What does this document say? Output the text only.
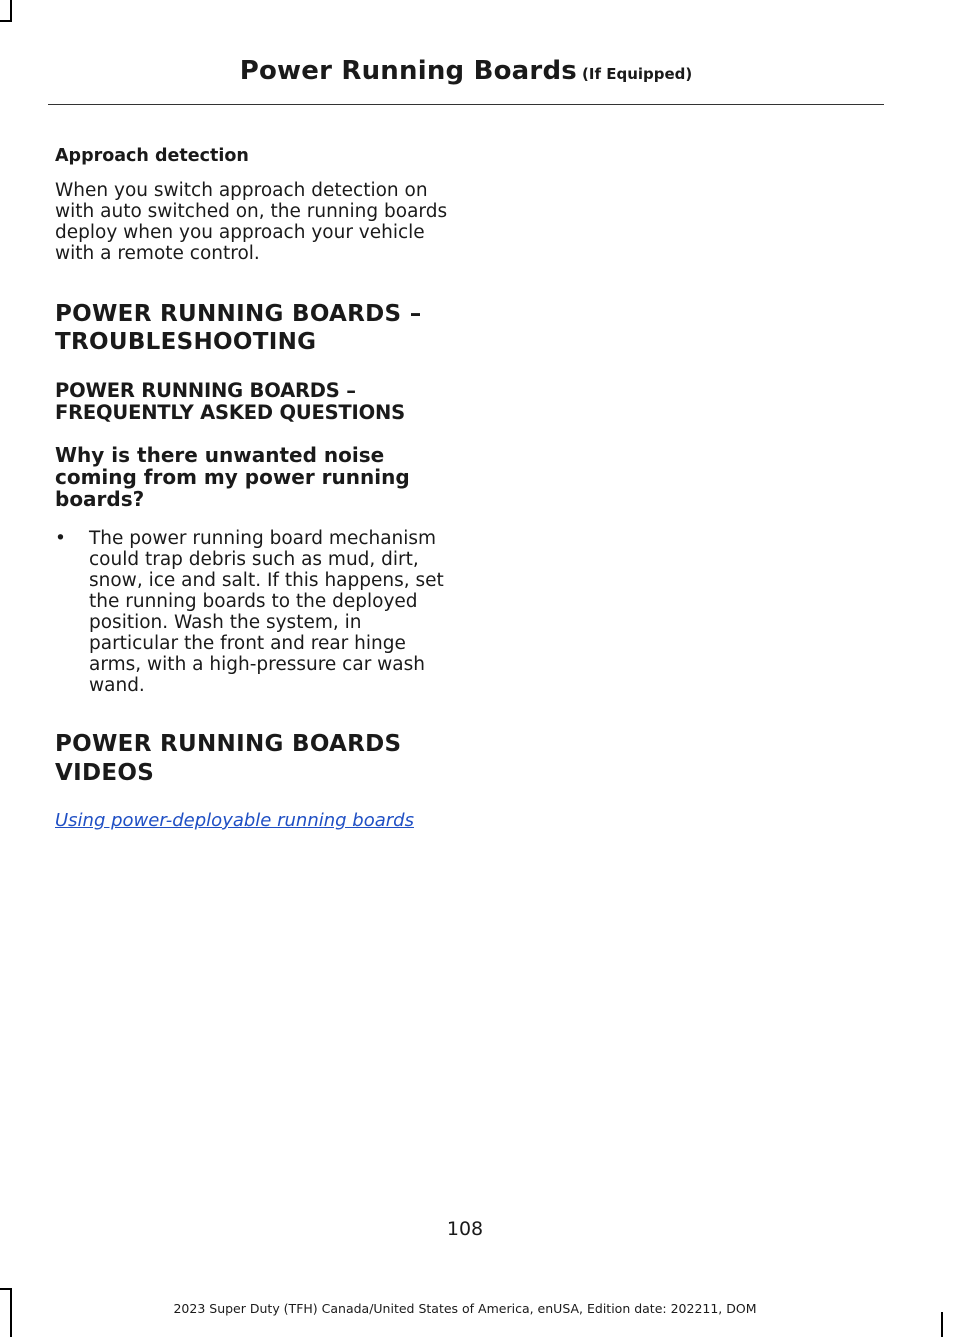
Power Running Boards (If Equipped)
Approach detection
When you switch approach detection on with auto switched on, the running boards deploy when you approach your vehicle with a remote control.
POWER RUNNING BOARDS –
TROUBLESHOOTING
POWER RUNNING BOARDS – FREQUENTLY ASKED QUESTIONS
Why is there unwanted noise coming from my power running boards?
•	The power running board mechanism could trap debris such as mud, dirt, snow, ice and salt. If this happens, set the running boards to the deployed position. Wash the system, in particular the front and rear hinge arms, with a high-pressure car wash wand.
POWER RUNNING BOARDS
VIDEOS
Using power-deployable running boards
108
2023 Super Duty (TFH) Canada/United States of America, enUSA, Edition date: 202211, DOM
